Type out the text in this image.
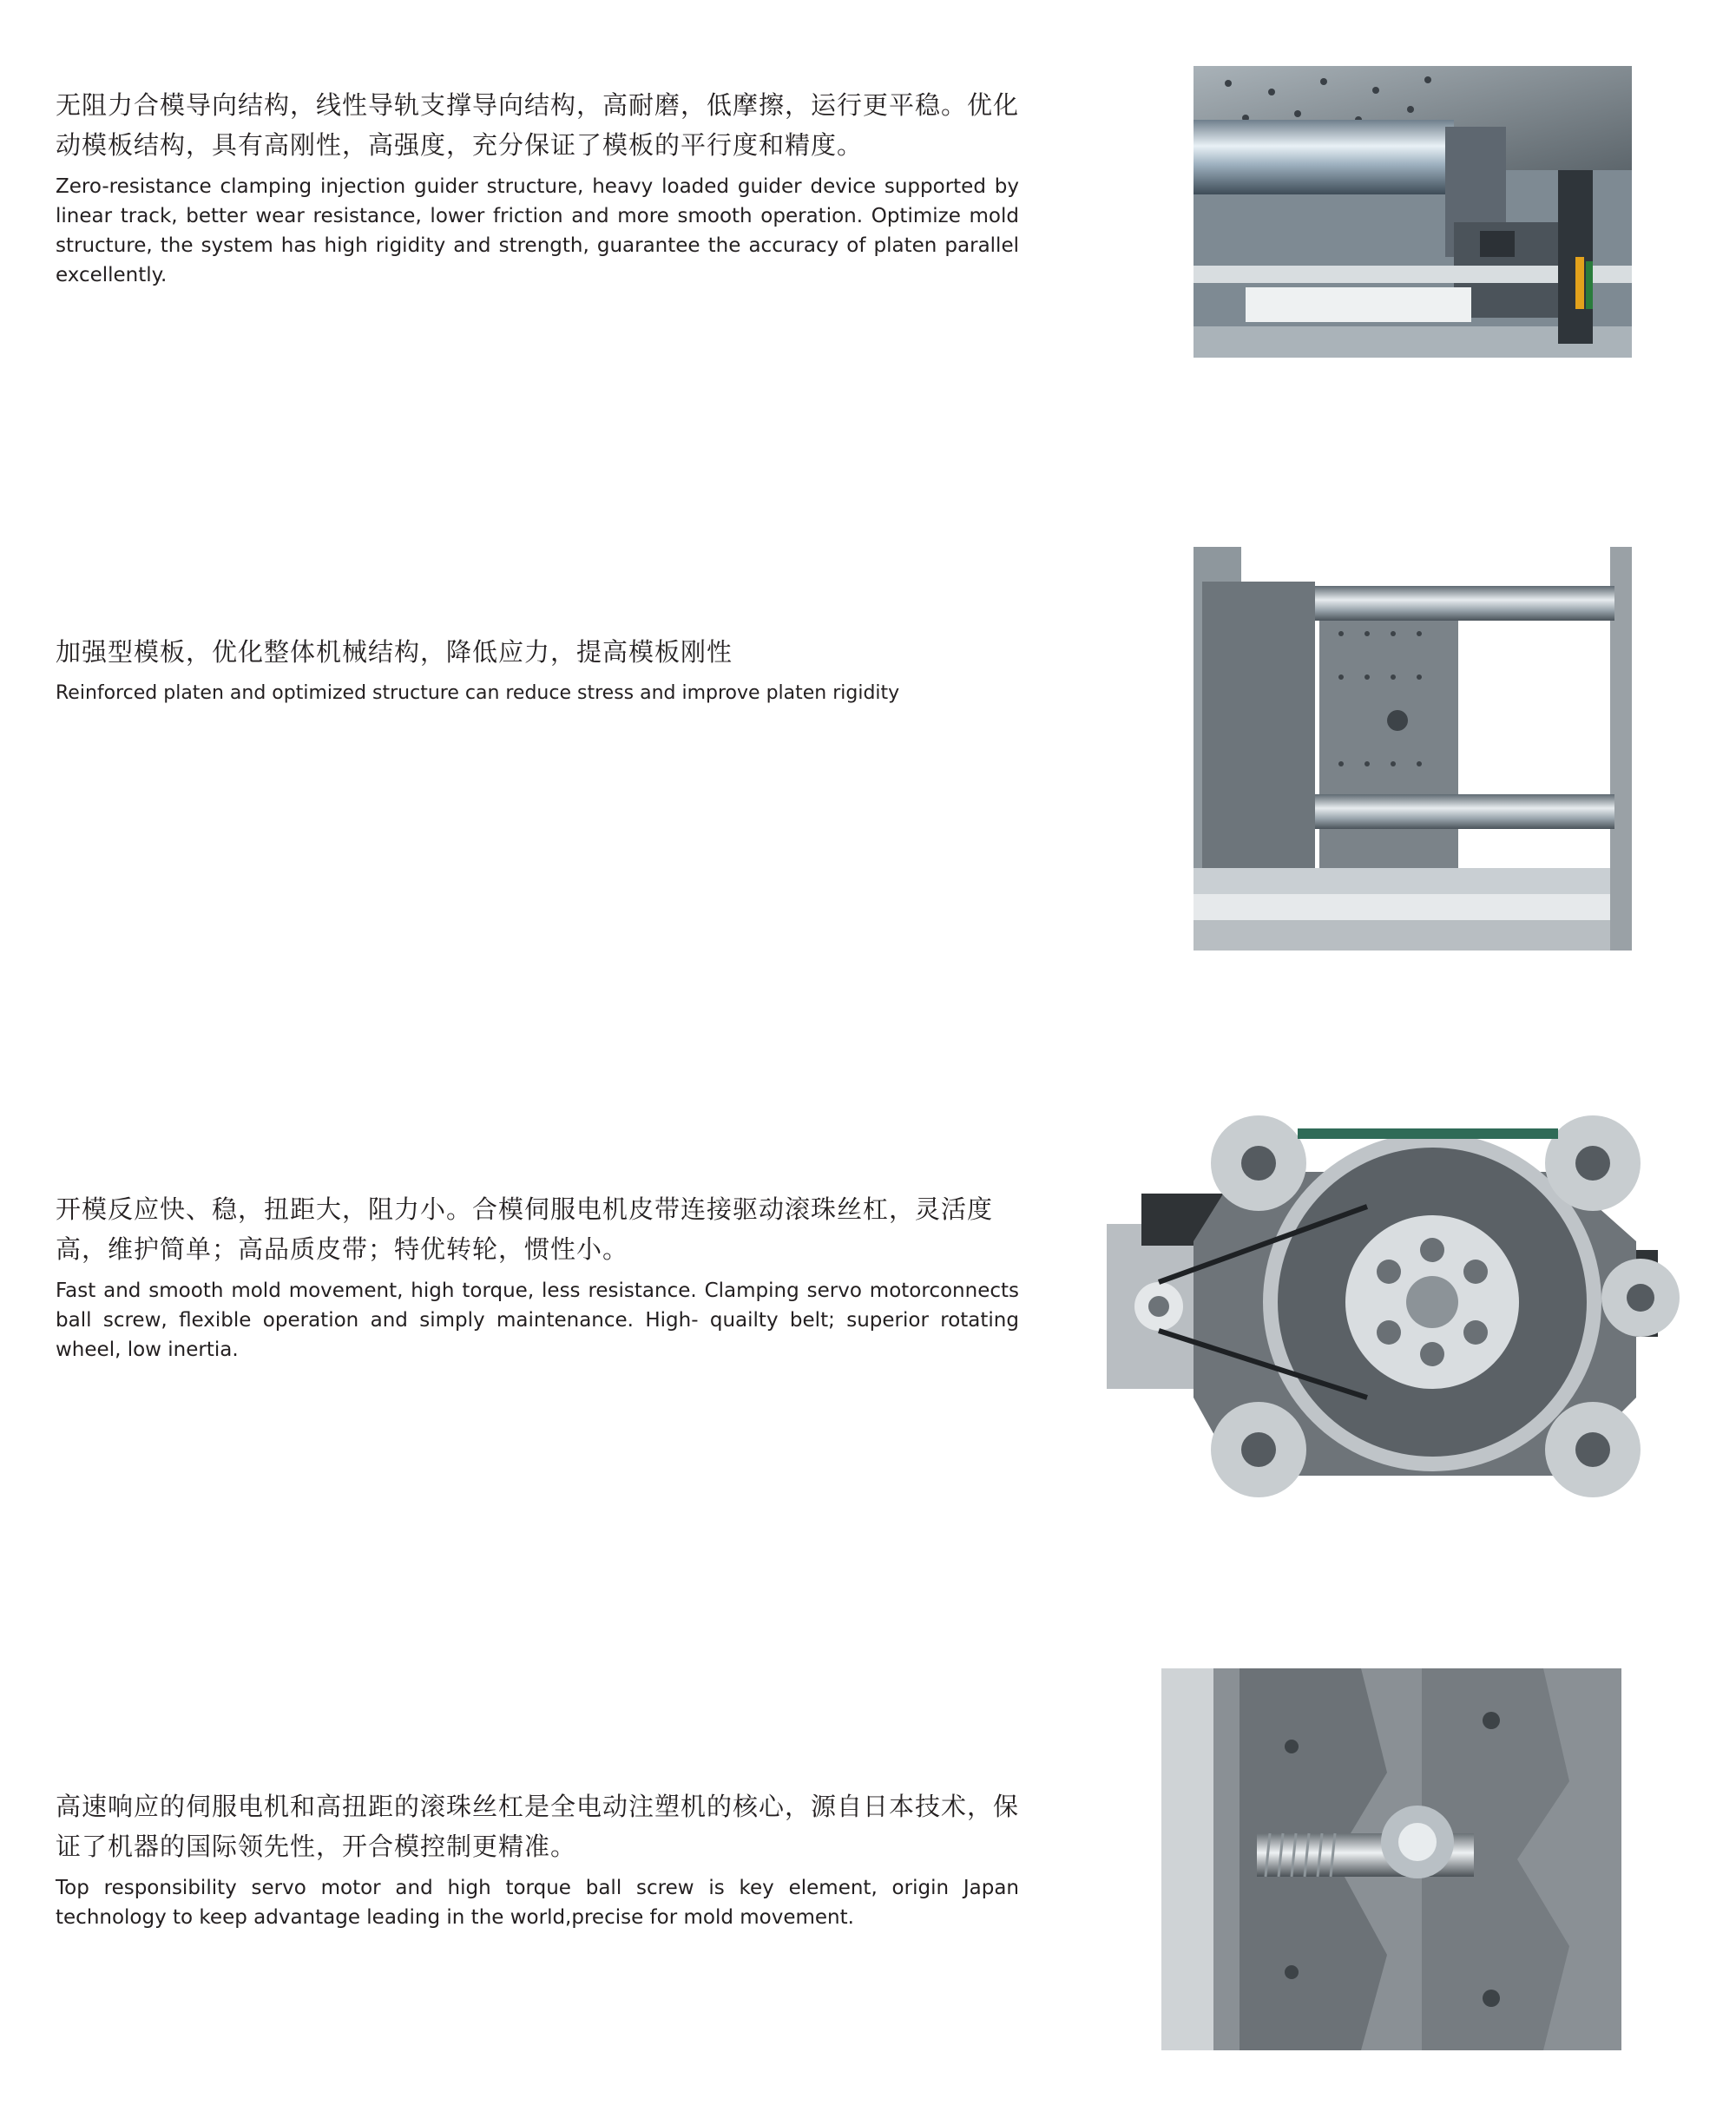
无阻力合模导向结构，线性导轨支撑导向结构，高耐磨，低摩擦，运行更平稳。优化动模板结构，具有高刚性，高强度，充分保证了模板的平行度和精度。

Zero-resistance clamping injection guider structure, heavy loaded guider device supported by linear track, better wear resistance, lower friction and more smooth operation. Optimize mold structure, the system has high rigidity and strength, guarantee the accuracy of platen parallel excellently.

加强型模板，优化整体机械结构，降低应力，提高模板刚性

Reinforced platen and optimized structure can reduce stress and improve platen rigidity

开模反应快、稳，扭距大，阻力小。合模伺服电机皮带连接驱动滚珠丝杠，灵活度高，维护简单；高品质皮带；特优转轮，惯性小。

Fast and smooth mold movement, high torque, less resistance. Clamping servo motorconnects ball screw, flexible operation and simply maintenance. High- quailty belt; superior rotating wheel, low inertia.

高速响应的伺服电机和高扭距的滚珠丝杠是全电动注塑机的核心，源自日本技术，保证了机器的国际领先性，开合模控制更精准。

Top responsibility servo motor and high torque ball screw is key element, origin Japan technology to keep advantage leading in the world,precise for mold movement.
